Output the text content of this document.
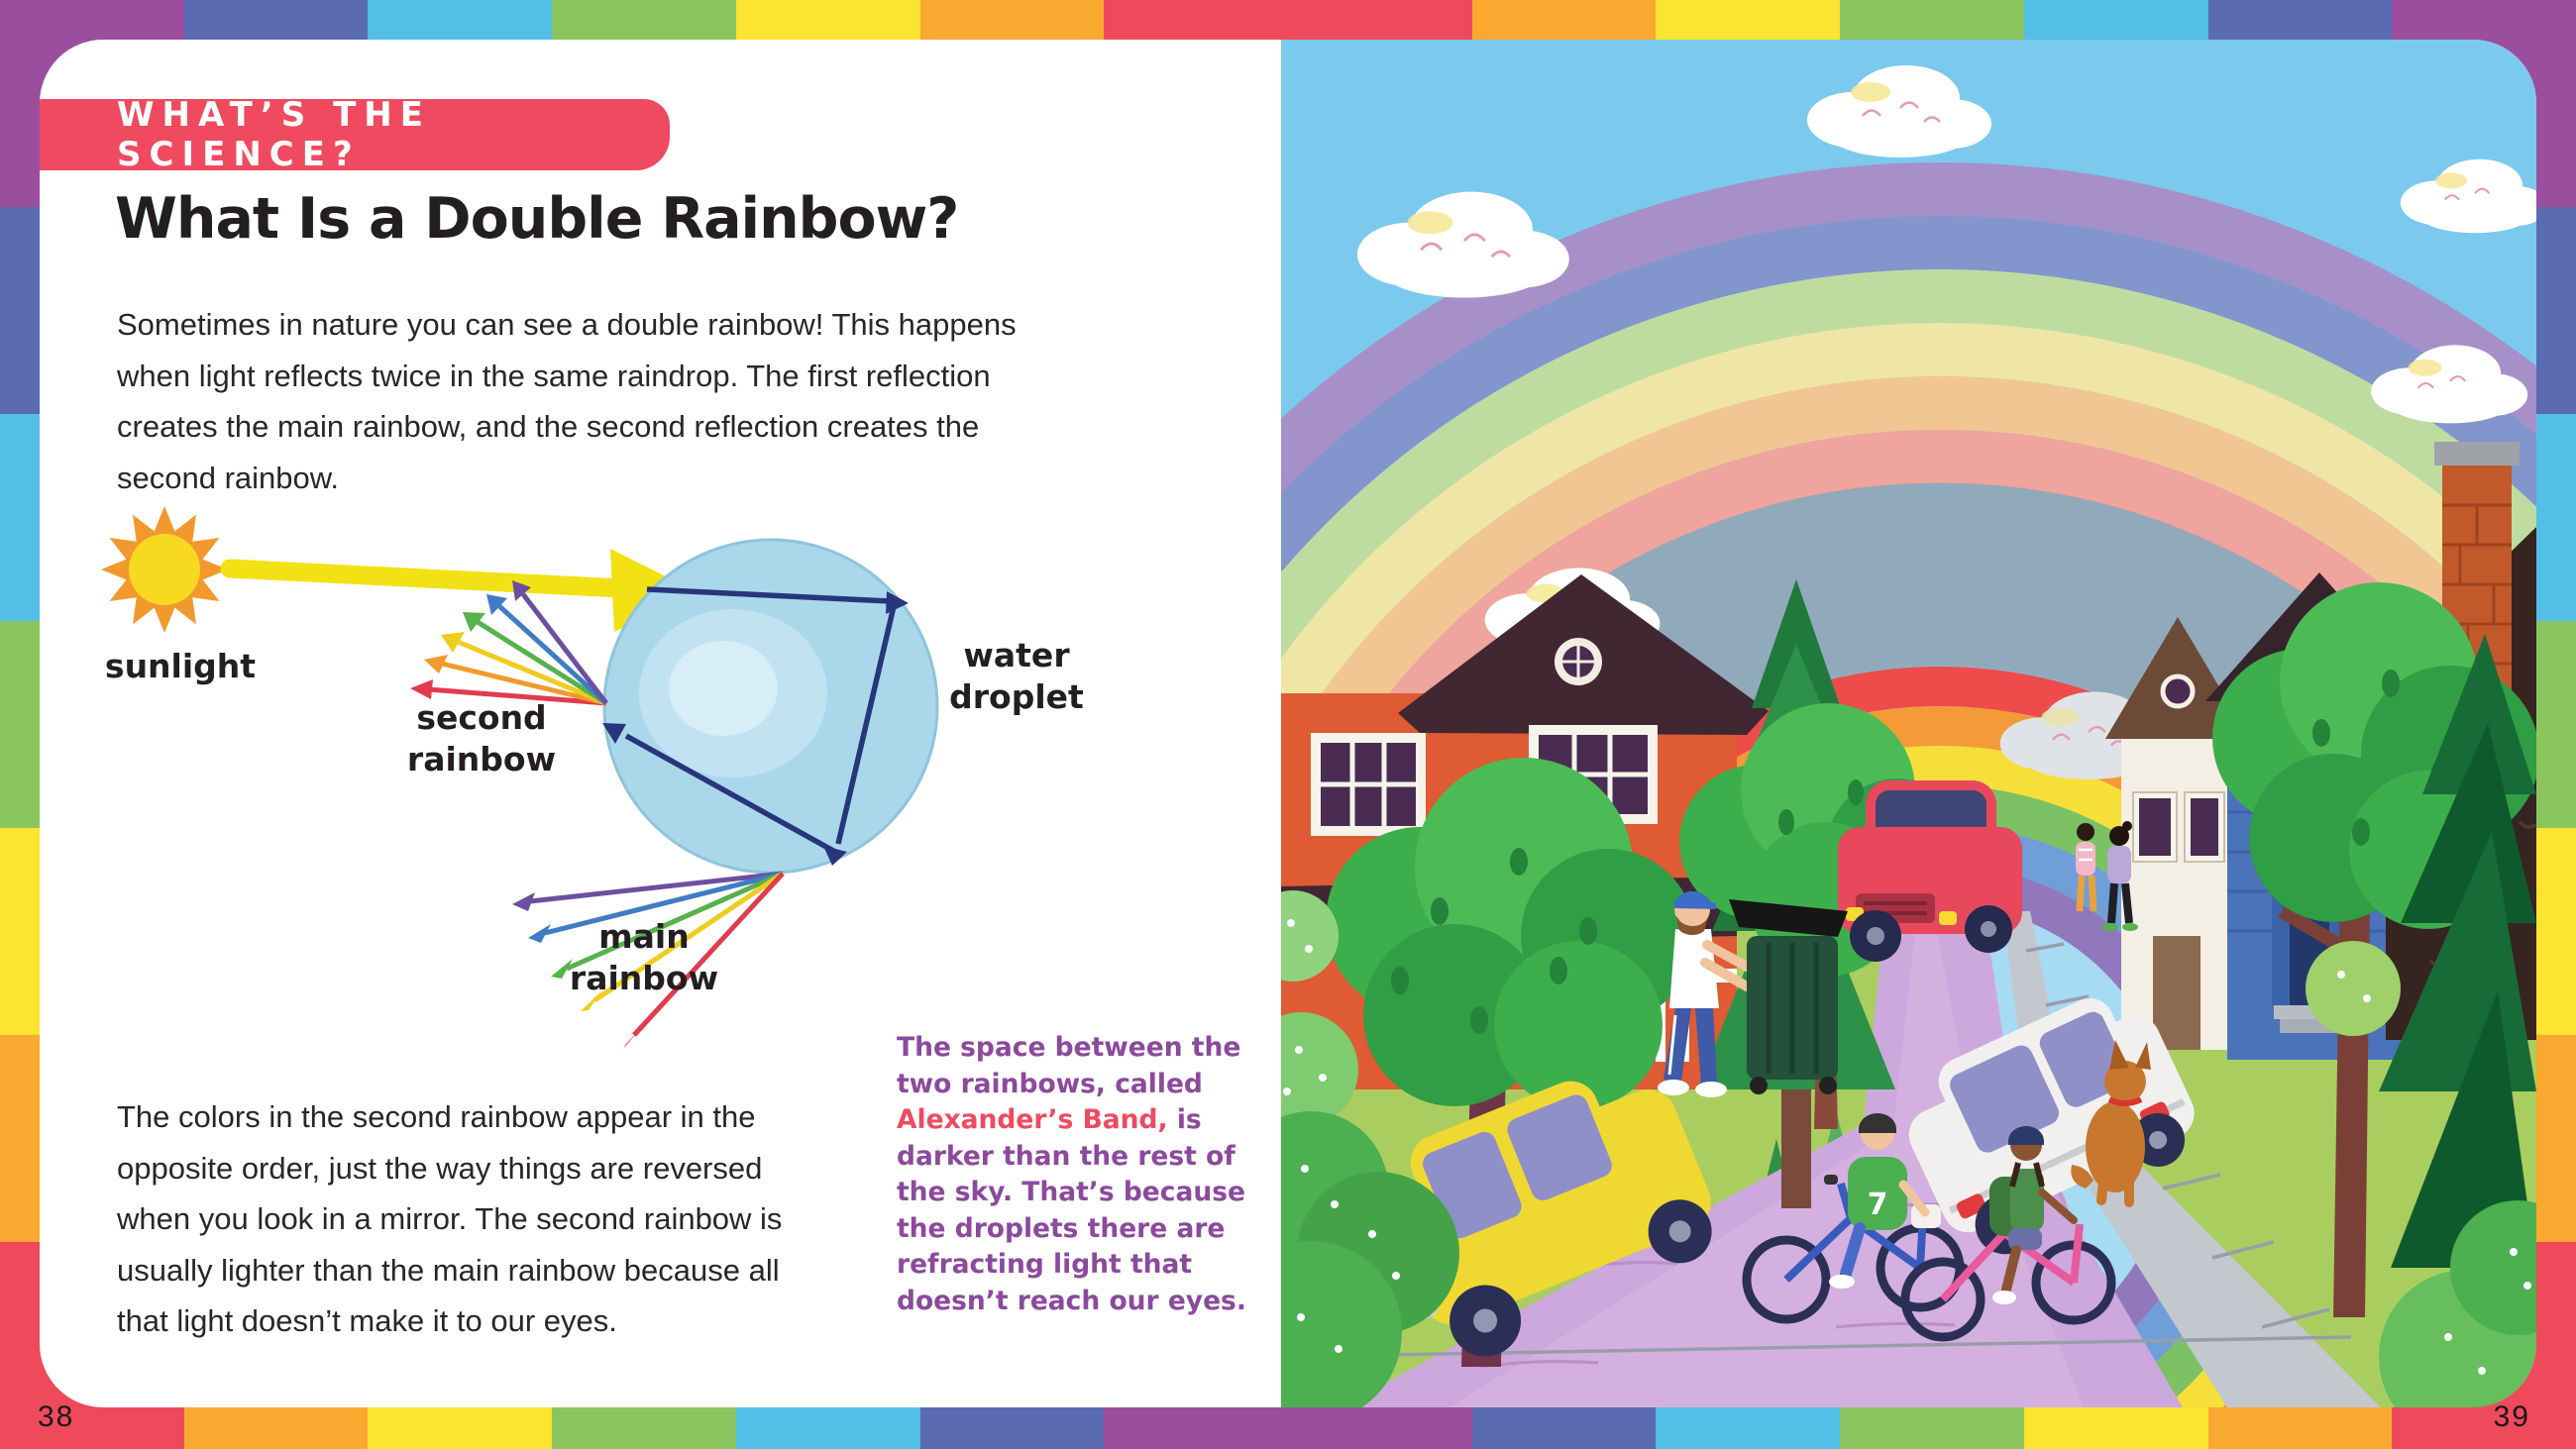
38	39
WHAT’S THE SCIENCE?
What Is a Double Rainbow?
Sometimes in nature you can see a double rainbow! This happens
when light reflects twice in the same raindrop. The first reflection
creates the main rainbow, and the second reflection creates the
second rainbow.
sunlight
second
rainbow
water
droplet
main
rainbow
The colors in the second rainbow appear in the
opposite order, just the way things are reversed
when you look in a mirror. The second rainbow is
usually lighter than the main rainbow because all
that light doesn’t make it to our eyes.
The space between the
two rainbows, called
Alexander’s Band, is
darker than the rest of
the sky. That’s because
the droplets there are
refracting light that
doesn’t reach our eyes.
7
